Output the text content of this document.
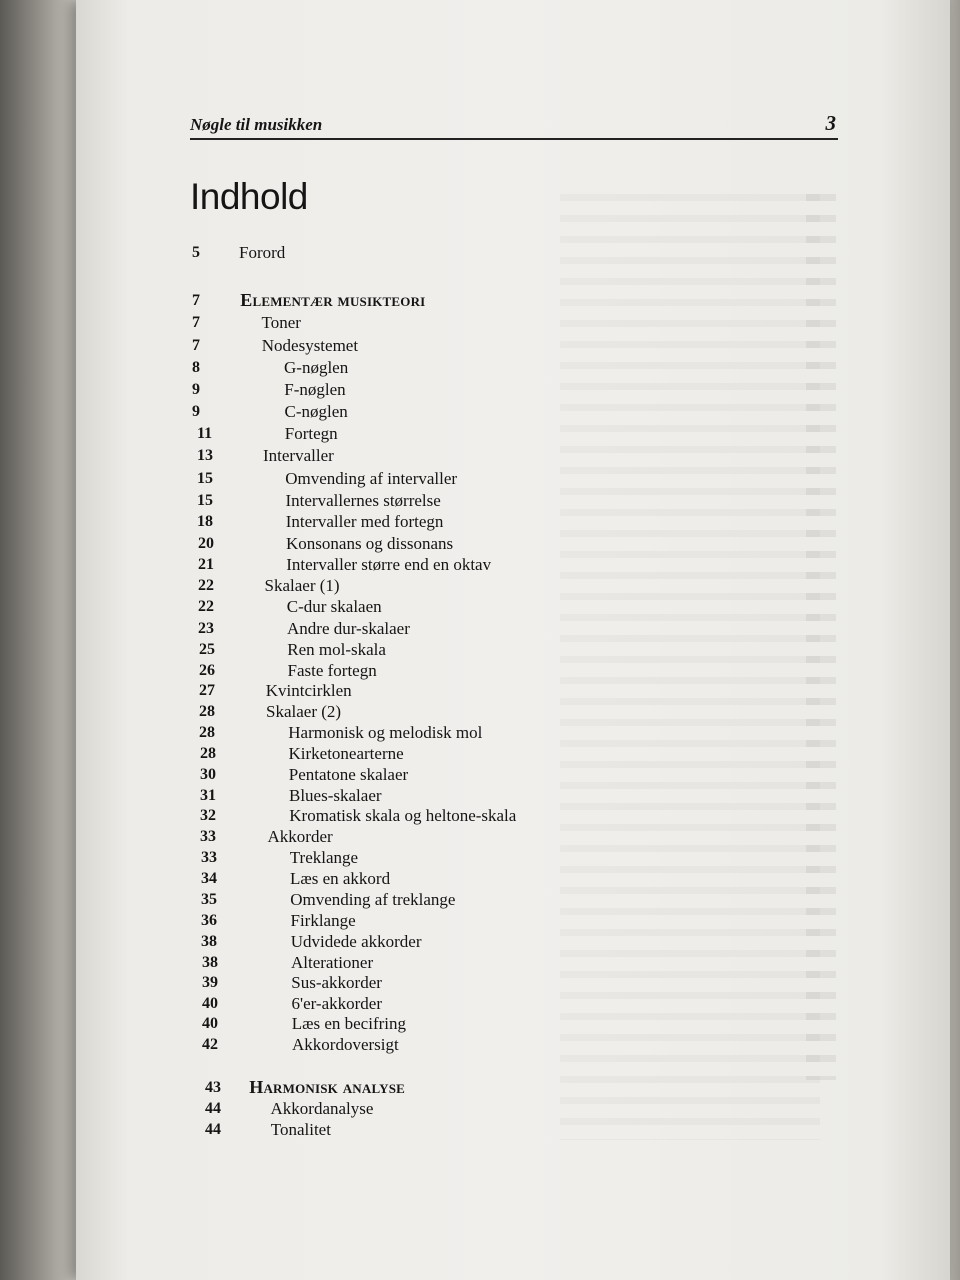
Nøgle til musikken	3
Indhold
5	Forord
7	Elementær musikteori
7	Toner
7	Nodesystemet
8	G-nøglen
9	F-nøglen
9	C-nøglen
11	Fortegn
13	Intervaller
15	Omvending af intervaller
15	Intervallernes størrelse
18	Intervaller med fortegn
20	Konsonans og dissonans
21	Intervaller større end en oktav
22	Skalaer (1)
22	C-dur skalaen
23	Andre dur-skalaer
25	Ren mol-skala
26	Faste fortegn
27	Kvintcirklen
28	Skalaer (2)
28	Harmonisk og melodisk mol
28	Kirketonearterne
30	Pentatone skalaer
31	Blues-skalaer
32	Kromatisk skala og heltone-skala
33	Akkorder
33	Treklange
34	Læs en akkord
35	Omvending af treklange
36	Firklange
38	Udvidede akkorder
38	Alterationer
39	Sus-akkorder
40	6'er-akkorder
40	Læs en becifring
42	Akkordoversigt
43	Harmonisk analyse
44	Akkordanalyse
44	Tonalitet
